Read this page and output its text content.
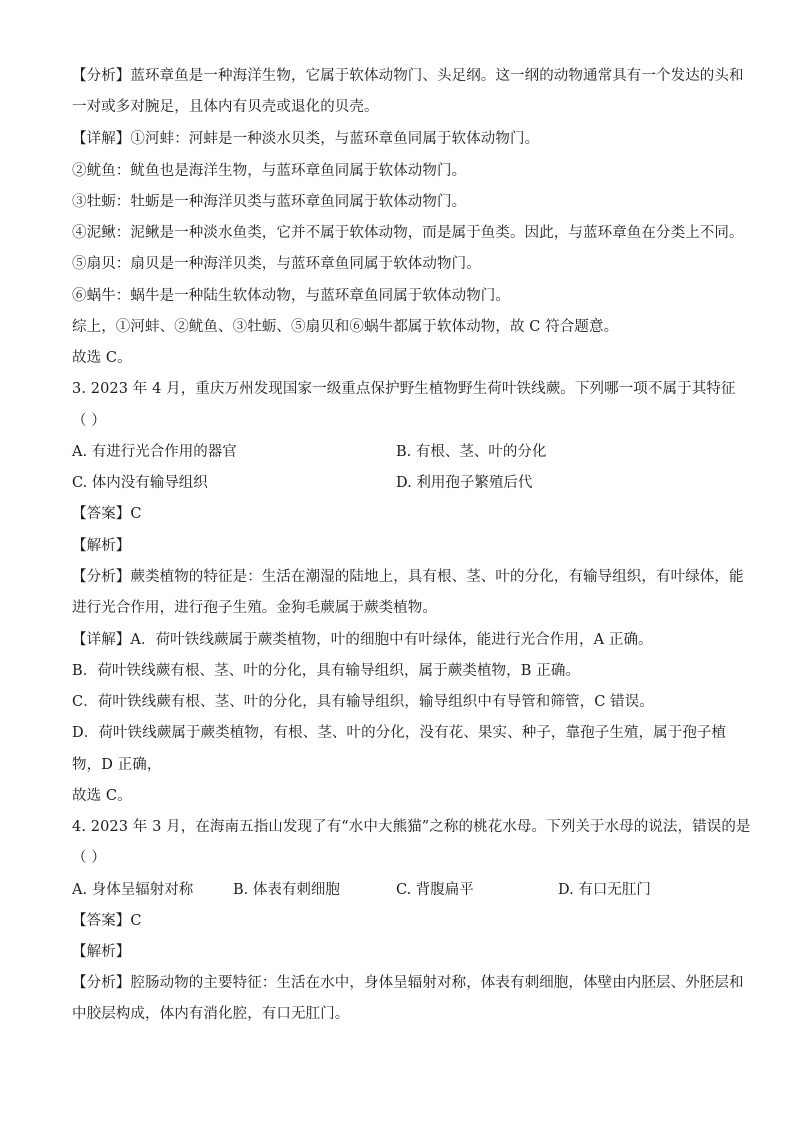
【分析】蓝环章鱼是一种海洋生物，它属于软体动物门、头足纲。这一纲的动物通常具有一个发达的头和
一对或多对腕足，且体内有贝壳或退化的贝壳。
【详解】①河蚌：河蚌是一种淡水贝类，与蓝环章鱼同属于软体动物门。
②鱿鱼：鱿鱼也是海洋生物，与蓝环章鱼同属于软体动物门。
③牡蛎：牡蛎是一种海洋贝类与蓝环章鱼同属于软体动物门。
④泥鳅：泥鳅是一种淡水鱼类，它并不属于软体动物，而是属于鱼类。因此，与蓝环章鱼在分类上不同。
⑤扇贝：扇贝是一种海洋贝类，与蓝环章鱼同属于软体动物门。
⑥蜗牛：蜗牛是一种陆生软体动物，与蓝环章鱼同属于软体动物门。
综上，①河蚌、②鱿鱼、③牡蛎、⑤扇贝和⑥蜗牛都属于软体动物，故 C 符合题意。
故选 C。
3. 2023 年 4 月，重庆万州发现国家一级重点保护野生植物野生荷叶铁线蕨。下列哪一项不属于其特征
（ ）
A. 有进行光合作用的器官	B. 有根、茎、叶的分化
C. 体内没有输导组织	D. 利用孢子繁殖后代
【答案】C
【解析】
【分析】蕨类植物的特征是：生活在潮湿的陆地上，具有根、茎、叶的分化，有输导组织，有叶绿体，能
进行光合作用，进行孢子生殖。金狗毛蕨属于蕨类植物。
【详解】A．荷叶铁线蕨属于蕨类植物，叶的细胞中有叶绿体，能进行光合作用，A 正确。
B．荷叶铁线蕨有根、茎、叶的分化，具有输导组织，属于蕨类植物，B 正确。
C．荷叶铁线蕨有根、茎、叶的分化，具有输导组织，输导组织中有导管和筛管，C 错误。
D．荷叶铁线蕨属于蕨类植物，有根、茎、叶的分化，没有花、果实、种子，靠孢子生殖，属于孢子植
物，D 正确，
故选 C。
4. 2023 年 3 月，在海南五指山发现了有“水中大熊猫”之称的桃花水母。下列关于水母的说法，错误的是
（ ）
A. 身体呈辐射对称	B. 体表有刺细胞	C. 背腹扁平	D. 有口无肛门
【答案】C
【解析】
【分析】腔肠动物的主要特征：生活在水中，身体呈辐射对称，体表有刺细胞，体壁由内胚层、外胚层和
中胶层构成，体内有消化腔，有口无肛门。
